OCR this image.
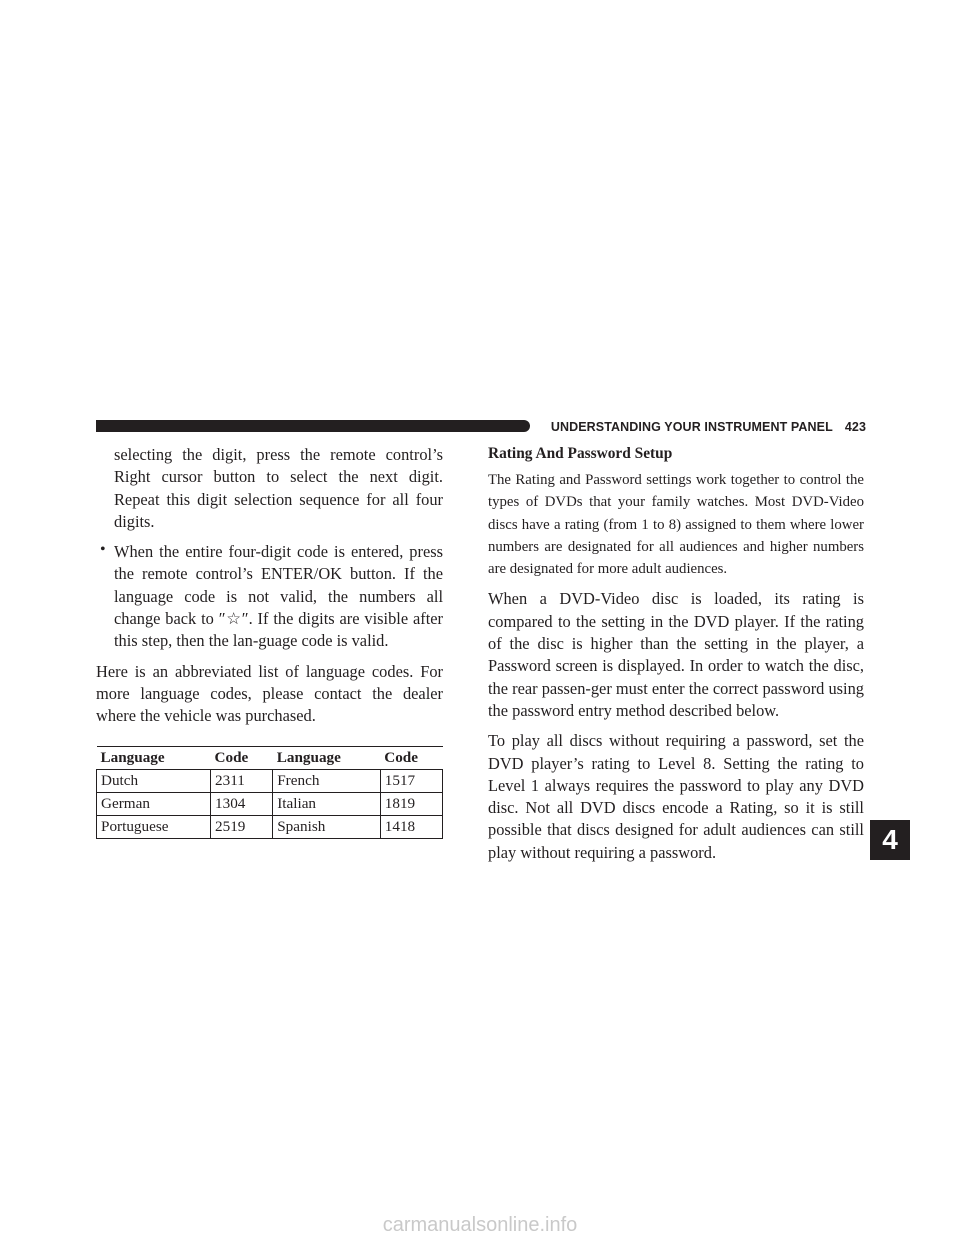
UNDERSTANDING YOUR INSTRUMENT PANEL 423

selecting the digit, press the remote control’s Right cursor button to select the next digit. Repeat this digit selection sequence for all four digits.

• When the entire four-digit code is entered, press the remote control’s ENTER/OK button. If the language code is not valid, the numbers all change back to ″☆″. If the digits are visible after this step, then the lan-guage code is valid.

Here is an abbreviated list of language codes. For more language codes, please contact the dealer where the vehicle was purchased.

Language	Code	Language	Code
Dutch	2311	French	1517
German	1304	Italian	1819
Portuguese	2519	Spanish	1418
Rating And Password Setup

The Rating and Password settings work together to control the types of DVDs that your family watches. Most DVD-Video discs have a rating (from 1 to 8) assigned to them where lower numbers are designated for all audiences and higher numbers are designated for more adult audiences.

When a DVD-Video disc is loaded, its rating is compared to the setting in the DVD player. If the rating of the disc is higher than the setting in the player, a Password screen is displayed. In order to watch the disc, the rear passen-ger must enter the correct password using the password entry method described below.

To play all discs without requiring a password, set the DVD player’s rating to Level 8. Setting the rating to Level 1 always requires the password to play any DVD disc. Not all DVD discs encode a Rating, so it is still possible that discs designed for adult audiences can still play without requiring a password.	4
carmanualsonline.info
